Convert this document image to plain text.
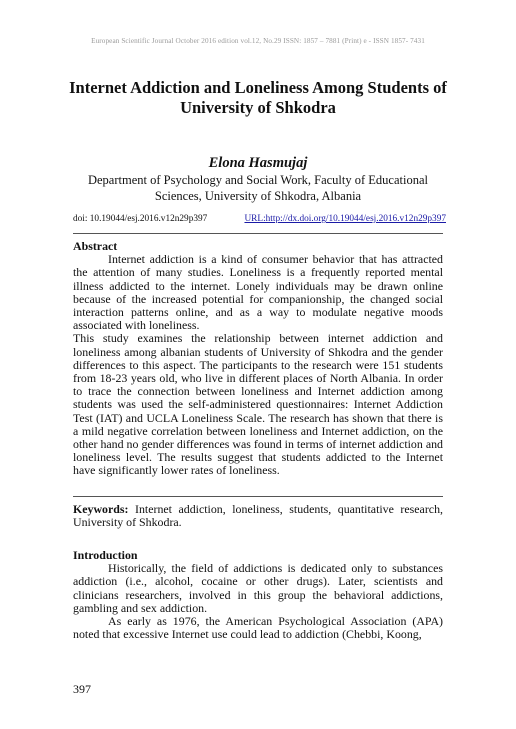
European Scientific Journal October 2016 edition vol.12, No.29 ISSN: 1857 – 7881 (Print) e - ISSN 1857- 7431
Internet Addiction and Loneliness Among Students of
University of Shkodra
Elona Hasmujaj
Department of Psychology and Social Work, Faculty of Educational
Sciences, University of Shkodra, Albania
doi: 10.19044/esj.2016.v12n29p397	URL:http://dx.doi.org/10.19044/esj.2016.v12n29p397

Abstract

Internet addiction is a kind of consumer behavior that has attracted the attention of many studies. Loneliness is a frequently reported mental illness addicted to the internet. Lonely individuals may be drawn online because of the increased potential for companionship, the changed social interaction patterns online, and as a way to modulate negative moods associated with loneliness.

This study examines the relationship between internet addiction and loneliness among albanian students of University of Shkodra and the gender differences to this aspect. The participants to the research were 151 students from 18-23 years old, who live in different places of North Albania. In order to trace the connection between loneliness and Internet addiction among students was used the self-administered questionnaires: Internet Addiction Test (IAT) and UCLA Loneliness Scale. The research has shown that there is a mild negative correlation between loneliness and Internet addiction, on the other hand no gender differences was found in terms of internet addiction and loneliness level. The results suggest that students addicted to the Internet have significantly lower rates of loneliness.

Keywords: Internet addiction, loneliness, students, quantitative research, University of Shkodra.

Introduction

Historically, the field of addictions is dedicated only to substances addiction (i.e., alcohol, cocaine or other drugs). Later, scientists and clinicians researchers, involved in this group the behavioral addictions, gambling and sex addiction.

As early as 1976, the American Psychological Association (APA) noted that excessive Internet use could lead to addiction (Chebbi, Koong,

397
